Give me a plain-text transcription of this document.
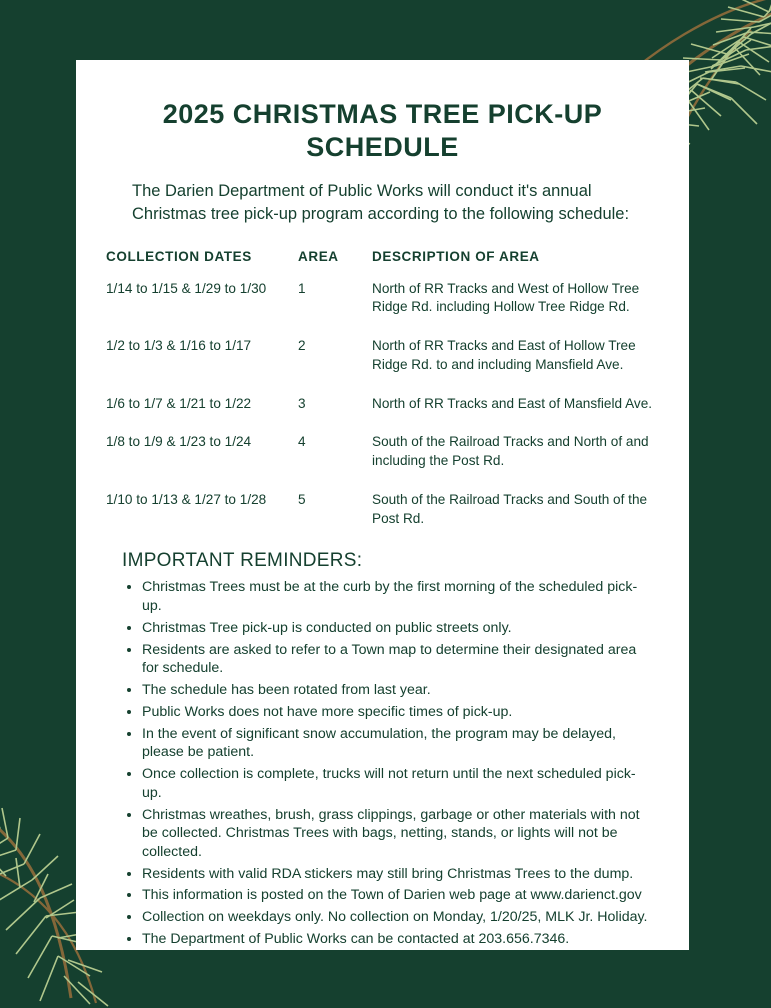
2025 CHRISTMAS TREE PICK-UP SCHEDULE
The Darien Department of Public Works will conduct it's annual Christmas tree pick-up program according to the following schedule:
COLLECTION DATES	AREA	DESCRIPTION OF AREA
1/14 to 1/15 & 1/29 to 1/30	1	North of RR Tracks and West of Hollow Tree Ridge Rd. including Hollow Tree Ridge Rd.
1/2 to 1/3 & 1/16 to 1/17	2	North of RR Tracks and East of Hollow Tree Ridge Rd. to and including Mansfield Ave.
1/6 to 1/7 & 1/21 to 1/22	3	North of RR Tracks and East of Mansfield Ave.
1/8 to 1/9 & 1/23 to 1/24	4	South of the Railroad Tracks and North of and including the Post Rd.
1/10 to 1/13 & 1/27 to 1/28	5	South of the Railroad Tracks and South of the Post Rd.
IMPORTANT REMINDERS:
• Christmas Trees must be at the curb by the first morning of the scheduled pick-up.
• Christmas Tree pick-up is conducted on public streets only.
• Residents are asked to refer to a Town map to determine their designated area for schedule.
• The schedule has been rotated from last year.
• Public Works does not have more specific times of pick-up.
• In the event of significant snow accumulation, the program may be delayed, please be patient.
• Once collection is complete, trucks will not return until the next scheduled pick-up.
• Christmas wreathes, brush, grass clippings, garbage or other materials with not be collected. Christmas Trees with bags, netting, stands, or lights will not be collected.
• Residents with valid RDA stickers may still bring Christmas Trees to the dump.
• This information is posted on the Town of Darien web page at www.darienct.gov
• Collection on weekdays only. No collection on Monday, 1/20/25, MLK Jr. Holiday.
• The Department of Public Works can be contacted at 203.656.7346.
